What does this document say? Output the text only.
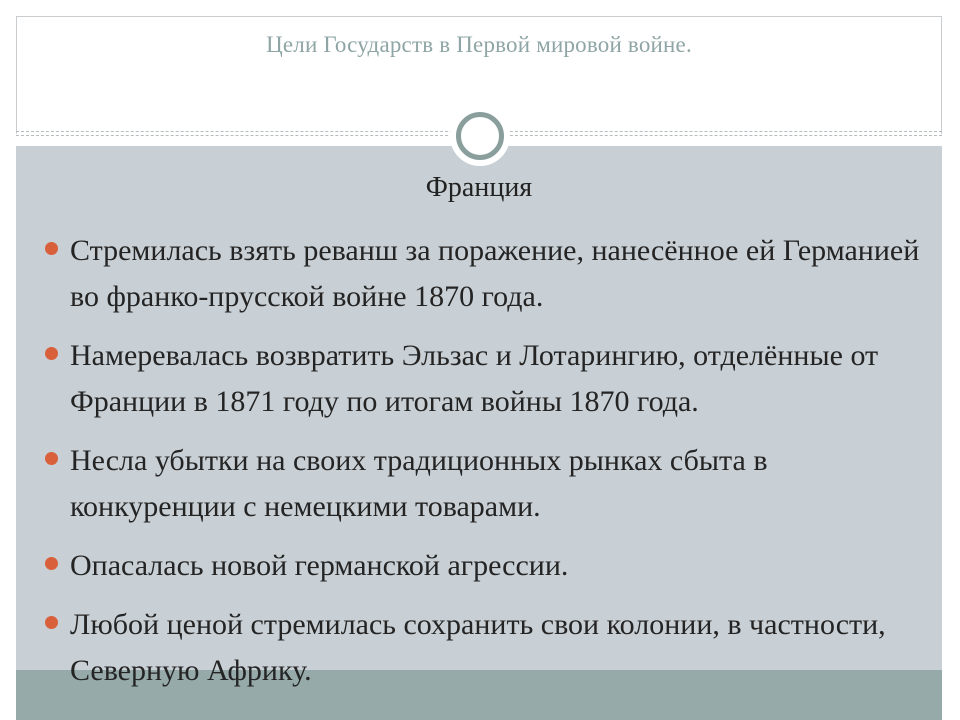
Цели Государств в Первой мировой войне.
Франция
Стремилась взять реванш за поражение, нанесённое ей Германией во франко-прусской войне 1870 года.
Намеревалась возвратить Эльзас и Лотарингию, отделённые от Франции в 1871 году по итогам войны 1870 года.
Несла убытки на своих традиционных рынках сбыта в конкуренции с немецкими товарами.
Опасалась новой германской агрессии.
Любой ценой стремилась сохранить свои колонии, в частности, Северную Африку.
